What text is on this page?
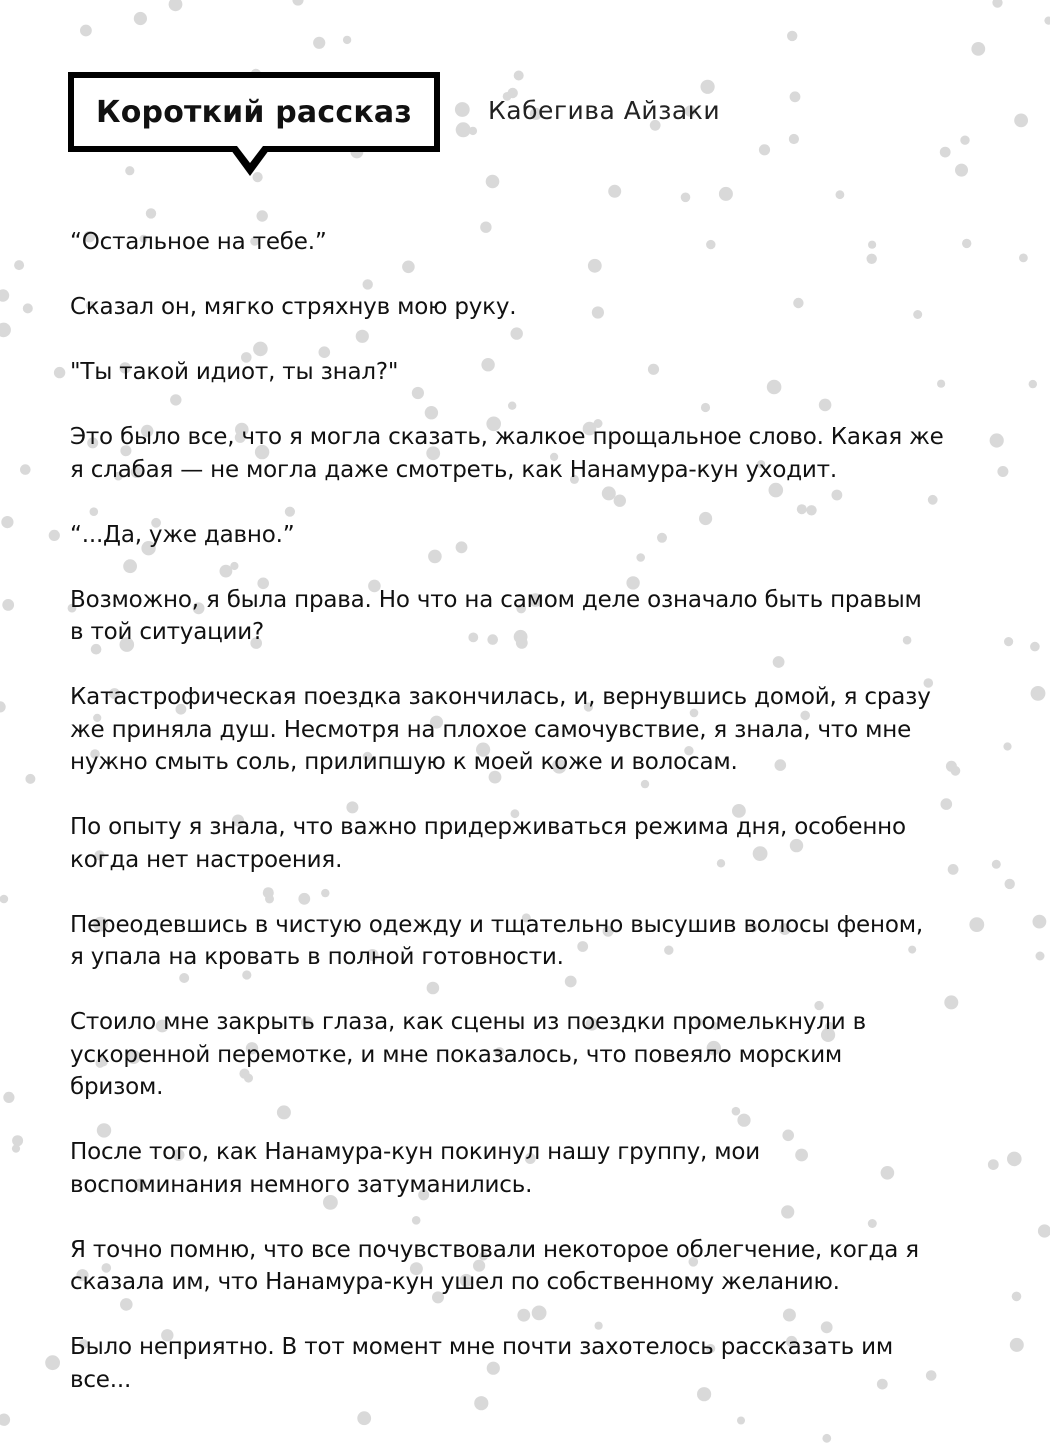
Короткий рассказ	Кабегива Айзаки
“Остальное на тебе.”
Сказал он, мягко стряхнув мою руку.
"Ты такой идиот, ты знал?"
Это было все, что я могла сказать, жалкое прощальное слово. Какая же
я слабая — не могла даже смотреть, как Нанамура-кун уходит.
“...Да, уже давно.”
Возможно, я была права. Но что на самом деле означало быть правым
в той ситуации?
Катастрофическая поездка закончилась, и, вернувшись домой, я сразу
же приняла душ. Несмотря на плохое самочувствие, я знала, что мне
нужно смыть соль, прилипшую к моей коже и волосам.
По опыту я знала, что важно придерживаться режима дня, особенно
когда нет настроения.
Переодевшись в чистую одежду и тщательно высушив волосы феном,
я упала на кровать в полной готовности.
Стоило мне закрыть глаза, как сцены из поездки промелькнули в
ускоренной перемотке, и мне показалось, что повеяло морским
бризом.
После того, как Нанамура-кун покинул нашу группу, мои
воспоминания немного затуманились.
Я точно помню, что все почувствовали некоторое облегчение, когда я
сказала им, что Нанамура-кун ушел по собственному желанию.
Было неприятно. В тот момент мне почти захотелось рассказать им
все...
